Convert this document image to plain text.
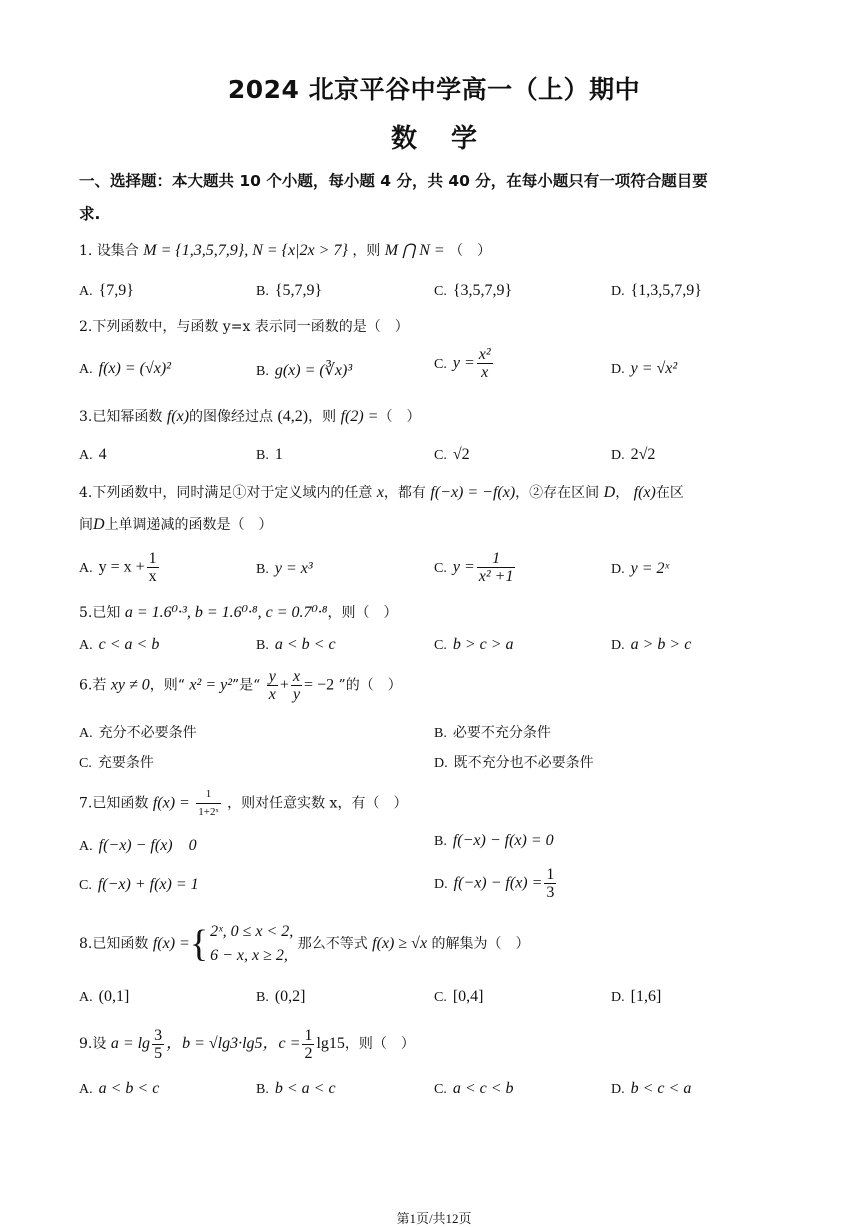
2024 北京平谷中学高一（上）期中
数学
一、选择题：本大题共 10 个小题，每小题 4 分，共 40 分，在每小题只有一项符合题目要
求.
1. 设集合 M = {1,3,5,7,9}, N = {x|2x > 7} ，则 M ⋂ N = （　）
A. {7,9}	B. {5,7,9}	C. {3,5,7,9}	D. {1,3,5,7,9}
2.下列函数中，与函数 y=x 表示同一函数的是（　）
A. f(x) = (√x)²	B. g(x) = (∛x)³	C. $y = \frac{\text{x²}}{x}$	D. y = √x²
3.已知幂函数 f(x)的图像经过点 (4,2)，则 f(2) =（　）
A. 4	B. 1	C. √2	D. 2√2
4.下列函数中，同时满足①对于定义域内的任意 x，都有 f(−x) = −f(x)，②存在区间 D， f(x)在区
间D上单调递减的函数是（　）
A. $y = x + \frac{1}{x}$	B. y = x³	C. $y = \frac{1}{\text{x² +1}}$	D. y = 2ˣ
5.已知 a = 1.6⁰·³, b = 1.6⁰·⁸, c = 0.7⁰·⁸，则（　）
A. c < a < b	B. a < b < c	C. b > c > a	D. a > b > c
6.若 xy ≠ 0，则“ x² = y²”是“ $\frac{y}{x} + \frac{x}{y} = -2$ ”的（　）
A. 充分不必要条件	B. 必要不充分条件
C. 充要条件	D. 既不充分也不必要条件
7.已知函数 $f(x) = \frac{1}{\text{1+2ˣ}}$ ，则对任意实数 x，有（　）
A. f(−x) − f(x)　0	B. f(−x) − f(x) = 0
C. f(−x) + f(x) = 1	D. $f(-x) - f(x) = \frac{1}{3}$
8.已知函数 f(x) ={ 2ˣ, 0 ≤ x < 2,
6 − x, x ≥ 2,
那么不等式 f(x) ≥ √x 的解集为（　）
A. (0,1]	B. (0,2]	C. [0,4]	D. [1,6]
9.设 $a = \lg \frac{3}{5}$ ，b = √lg3·lg5，$c = \frac{1}{2} \lg 15$，则（　）
A. a < b < c	B. b < a < c	C. a < c < b	D. b < c < a
第1页/共12页
